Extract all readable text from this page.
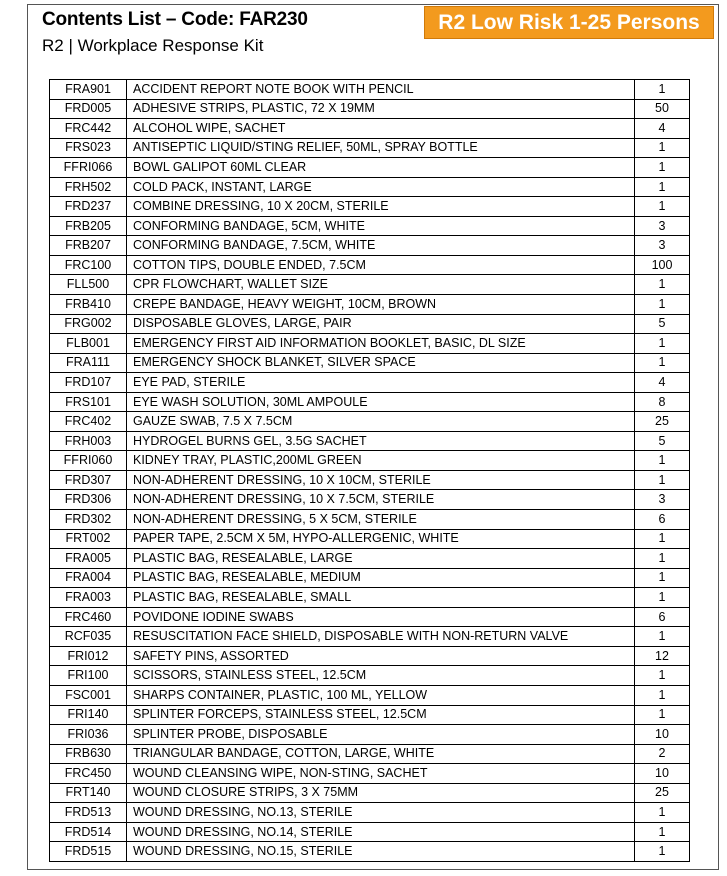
Contents List – Code: FAR230
R2 | Workplace Response Kit
R2 Low Risk 1-25 Persons
FRA901	ACCIDENT REPORT NOTE BOOK WITH PENCIL	1
FRD005	ADHESIVE STRIPS, PLASTIC, 72 X 19MM	50
FRC442	ALCOHOL WIPE, SACHET	4
FRS023	ANTISEPTIC LIQUID/STING RELIEF, 50ML, SPRAY BOTTLE	1
FFRI066	BOWL GALIPOT 60ML CLEAR	1
FRH502	COLD PACK, INSTANT, LARGE	1
FRD237	COMBINE DRESSING, 10 X 20CM, STERILE	1
FRB205	CONFORMING BANDAGE, 5CM, WHITE	3
FRB207	CONFORMING BANDAGE, 7.5CM, WHITE	3
FRC100	COTTON TIPS, DOUBLE ENDED, 7.5CM	100
FLL500	CPR FLOWCHART, WALLET SIZE	1
FRB410	CREPE BANDAGE, HEAVY WEIGHT, 10CM, BROWN	1
FRG002	DISPOSABLE GLOVES, LARGE, PAIR	5
FLB001	EMERGENCY FIRST AID INFORMATION BOOKLET, BASIC, DL SIZE	1
FRA111	EMERGENCY SHOCK BLANKET, SILVER SPACE	1
FRD107	EYE PAD, STERILE	4
FRS101	EYE WASH SOLUTION, 30ML AMPOULE	8
FRC402	GAUZE SWAB, 7.5 X 7.5CM	25
FRH003	HYDROGEL BURNS GEL, 3.5G SACHET	5
FFRI060	KIDNEY TRAY, PLASTIC,200ML GREEN	1
FRD307	NON-ADHERENT DRESSING, 10 X 10CM, STERILE	1
FRD306	NON-ADHERENT DRESSING, 10 X 7.5CM, STERILE	3
FRD302	NON-ADHERENT DRESSING, 5 X 5CM, STERILE	6
FRT002	PAPER TAPE, 2.5CM X 5M, HYPO-ALLERGENIC, WHITE	1
FRA005	PLASTIC BAG, RESEALABLE, LARGE	1
FRA004	PLASTIC BAG, RESEALABLE, MEDIUM	1
FRA003	PLASTIC BAG, RESEALABLE, SMALL	1
FRC460	POVIDONE IODINE SWABS	6
RCF035	RESUSCITATION FACE SHIELD, DISPOSABLE WITH NON-RETURN VALVE	1
FRI012	SAFETY PINS, ASSORTED	12
FRI100	SCISSORS, STAINLESS STEEL, 12.5CM	1
FSC001	SHARPS CONTAINER, PLASTIC, 100 ML, YELLOW	1
FRI140	SPLINTER FORCEPS, STAINLESS STEEL, 12.5CM	1
FRI036	SPLINTER PROBE, DISPOSABLE	10
FRB630	TRIANGULAR BANDAGE, COTTON, LARGE, WHITE	2
FRC450	WOUND CLEANSING WIPE, NON-STING, SACHET	10
FRT140	WOUND CLOSURE STRIPS, 3 X 75MM	25
FRD513	WOUND DRESSING, NO.13, STERILE	1
FRD514	WOUND DRESSING, NO.14, STERILE	1
FRD515	WOUND DRESSING, NO.15, STERILE	1
